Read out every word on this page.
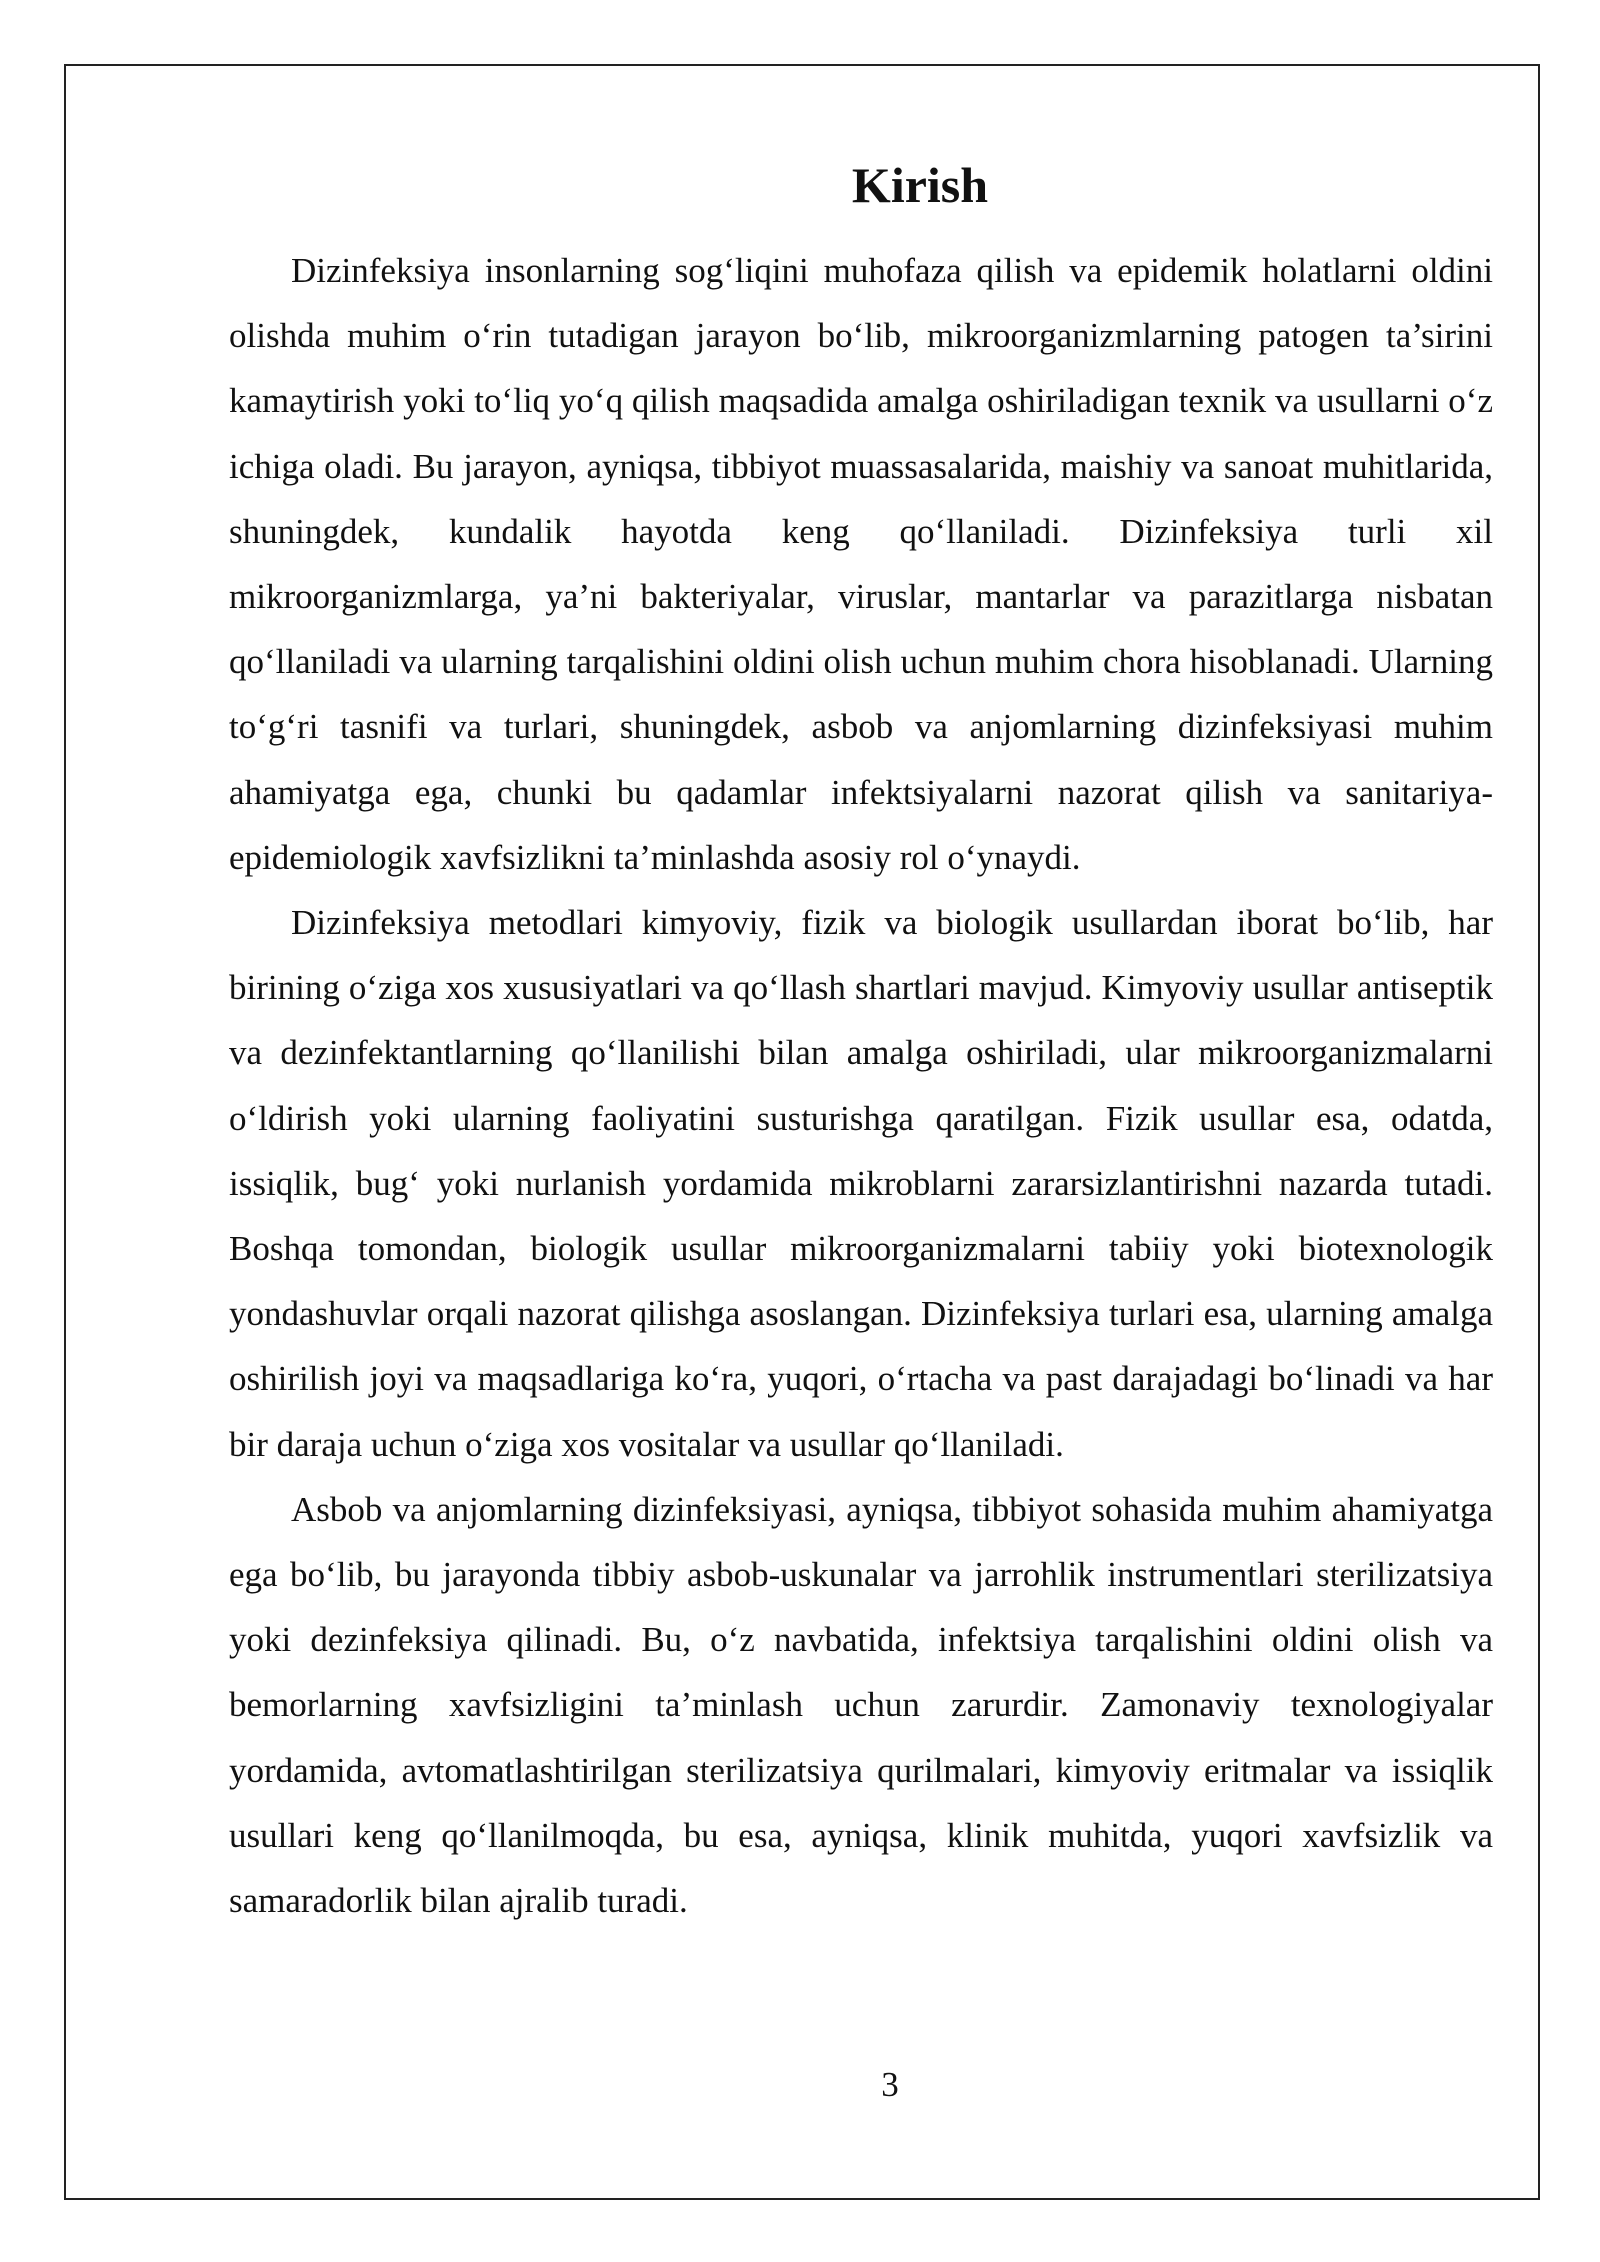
Kirish

Dizinfeksiya insonlarning sog‘liqini muhofaza qilish va epidemik holatlarni oldini olishda muhim o‘rin tutadigan jarayon bo‘lib, mikroorganizmlarning patogen ta’sirini kamaytirish yoki to‘liq yo‘q qilish maqsadida amalga oshiriladigan texnik va usullarni o‘z ichiga oladi. Bu jarayon, ayniqsa, tibbiyot muassasalarida, maishiy va sanoat muhitlarida, shuningdek, kundalik hayotda keng qo‘llaniladi. Dizinfeksiya turli xil mikroorganizmlarga, ya’ni bakteriyalar, viruslar, mantarlar va parazitlarga nisbatan qo‘llaniladi va ularning tarqalishini oldini olish uchun muhim chora hisoblanadi. Ularning to‘g‘ri tasnifi va turlari, shuningdek, asbob va anjomlarning dizinfeksiyasi muhim ahamiyatga ega, chunki bu qadamlar infektsiyalarni nazorat qilish va sanitariya-epidemiologik xavfsizlikni ta’minlashda asosiy rol o‘ynaydi.

Dizinfeksiya metodlari kimyoviy, fizik va biologik usullardan iborat bo‘lib, har birining o‘ziga xos xususiyatlari va qo‘llash shartlari mavjud. Kimyoviy usullar antiseptik va dezinfektantlarning qo‘llanilishi bilan amalga oshiriladi, ular mikroorganizmalarni o‘ldirish yoki ularning faoliyatini susturishga qaratilgan. Fizik usullar esa, odatda, issiqlik, bug‘ yoki nurlanish yordamida mikroblarni zararsizlantirishni nazarda tutadi. Boshqa tomondan, biologik usullar mikroorganizmalarni tabiiy yoki biotexnologik yondashuvlar orqali nazorat qilishga asoslangan. Dizinfeksiya turlari esa, ularning amalga oshirilish joyi va maqsadlariga ko‘ra, yuqori, o‘rtacha va past darajadagi bo‘linadi va har bir daraja uchun o‘ziga xos vositalar va usullar qo‘llaniladi.

Asbob va anjomlarning dizinfeksiyasi, ayniqsa, tibbiyot sohasida muhim ahamiyatga ega bo‘lib, bu jarayonda tibbiy asbob-uskunalar va jarrohlik instrumentlari sterilizatsiya yoki dezinfeksiya qilinadi. Bu, o‘z navbatida, infektsiya tarqalishini oldini olish va bemorlarning xavfsizligini ta’minlash uchun zarurdir. Zamonaviy texnologiyalar yordamida, avtomatlashtirilgan sterilizatsiya qurilmalari, kimyoviy eritmalar va issiqlik usullari keng qo‘llanilmoqda, bu esa, ayniqsa, klinik muhitda, yuqori xavfsizlik va samaradorlik bilan ajralib turadi.

3
